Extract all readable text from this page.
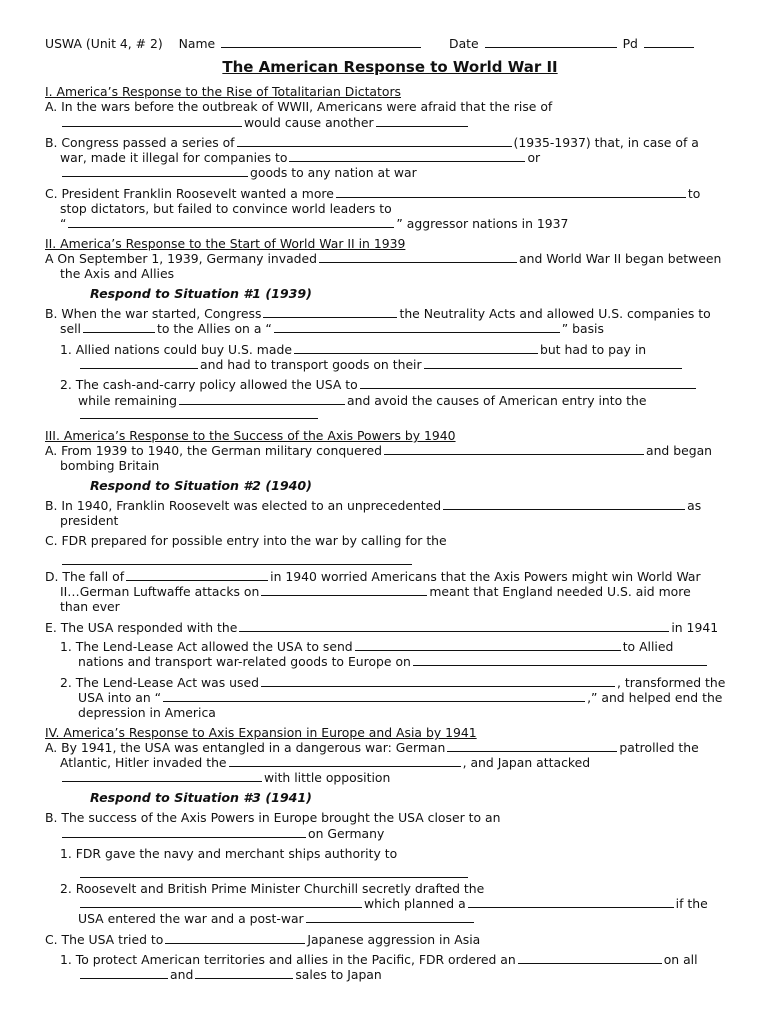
USWA (Unit 4, # 2) Name	Date	Pd
The American Response to World War II
I. America’s Response to the Rise of Totalitarian Dictators
A. In the wars before the outbreak of WWII, Americans were afraid that the rise of
would cause another
B. Congress passed a series of	(1935-1937) that, in case of a
war, made it illegal for companies to	or
goods to any nation at war
C. President Franklin Roosevelt wanted a more	to
stop dictators, but failed to convince world leaders to
“	” aggressor nations in 1937
II. America’s Response to the Start of World War II in 1939
A On September 1, 1939, Germany invaded	and World War II began between
the Axis and Allies
Respond to Situation #1 (1939)
B. When the war started, Congress	the Neutrality Acts and allowed U.S. companies to
sell	to the Allies on a “	” basis
1. Allied nations could buy U.S. made	but had to pay in
and had to transport goods on their
2. The cash-and-carry policy allowed the USA to
while remaining	and avoid the causes of American entry into the
III. America’s Response to the Success of the Axis Powers by 1940
A. From 1939 to 1940, the German military conquered	and began
bombing Britain
Respond to Situation #2 (1940)
B. In 1940, Franklin Roosevelt was elected to an unprecedented	as
president
C. FDR prepared for possible entry into the war by calling for the
D. The fall of	in 1940 worried Americans that the Axis Powers might win World War
II…German Luftwaffe attacks on	meant that England needed U.S. aid more
than ever
E. The USA responded with the	in 1941
1. The Lend-Lease Act allowed the USA to send	to Allied
nations and transport war-related goods to Europe on
2. The Lend-Lease Act was used	, transformed the
USA into an “	,” and helped end the
depression in America
IV. America’s Response to Axis Expansion in Europe and Asia by 1941
A. By 1941, the USA was entangled in a dangerous war: German	patrolled the
Atlantic, Hitler invaded the	, and Japan attacked
with little opposition
Respond to Situation #3 (1941)
B. The success of the Axis Powers in Europe brought the USA closer to an
on Germany
1. FDR gave the navy and merchant ships authority to
2. Roosevelt and British Prime Minister Churchill secretly drafted the
which planned a	if the
USA entered the war and a post-war
C. The USA tried to	Japanese aggression in Asia
1. To protect American territories and allies in the Pacific, FDR ordered an	on all
and	sales to Japan
